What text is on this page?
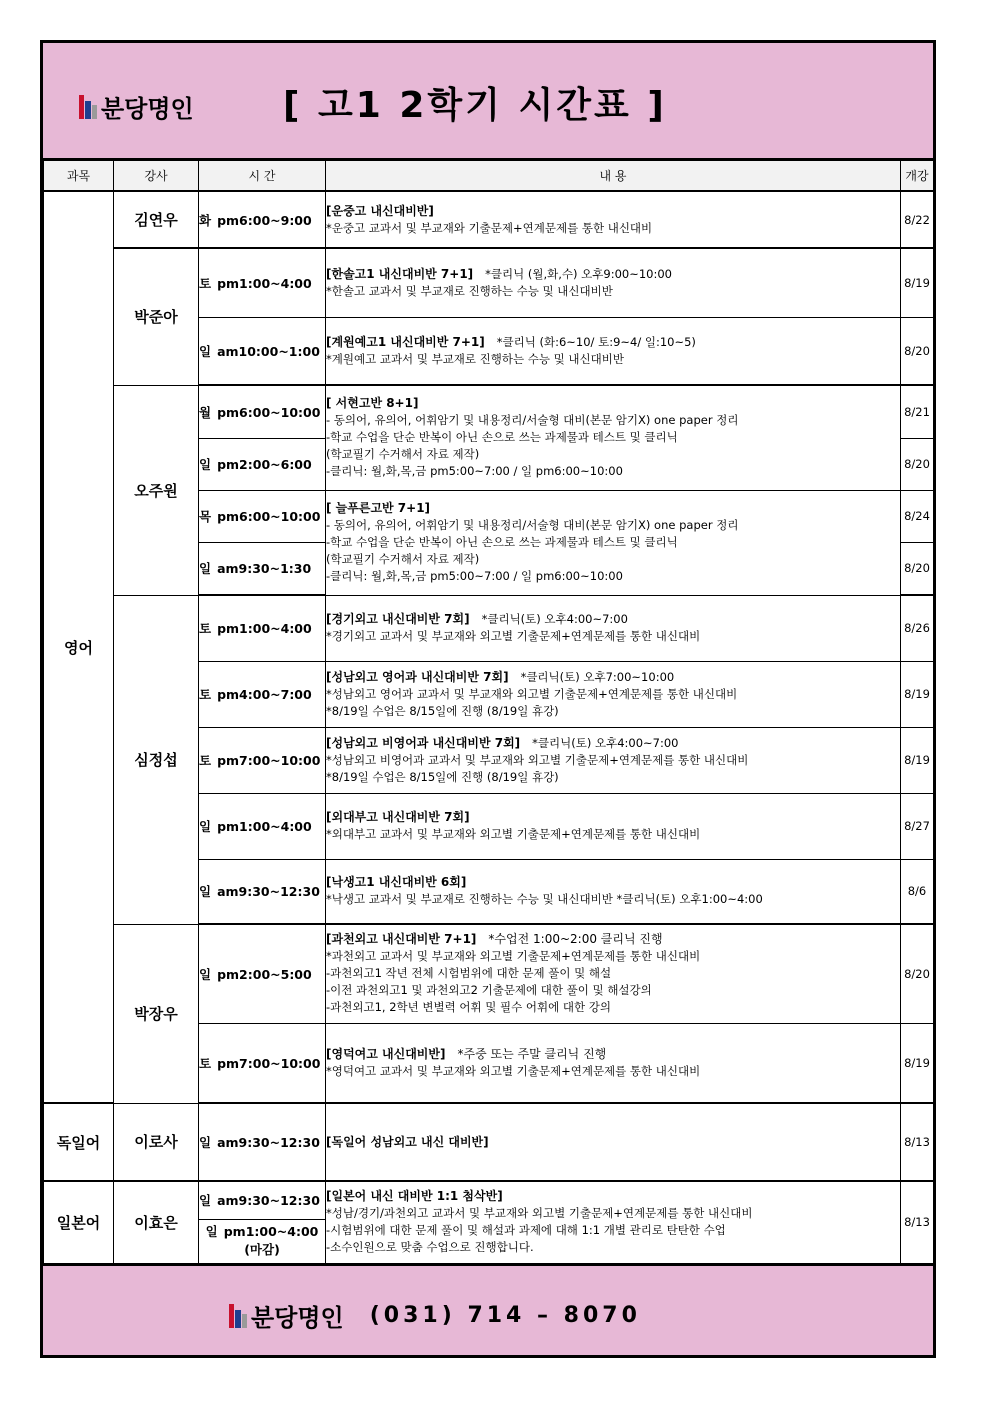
분당명인 [ 고1 2학기 시간표 ]
과목	강사	시 간	내 용	개강
영어	김연우	화 pm6:00~9:00	[운중고 내신대비반]
*운중고 교과서 및 부교재와 기출문제+연계문제를 통한 내신대비	8/22
	박준아	토 pm1:00~4:00	[한솔고1 내신대비반 7+1] *클리닉 (월,화,수) 오후9:00~10:00
*한솔고 교과서 및 부교재로 진행하는 수능 및 내신대비반	8/19
		일 am10:00~1:00	[계원예고1 내신대비반 7+1] *클리닉 (화:6~10/ 토:9~4/ 일:10~5)
*계원예고 교과서 및 부교재로 진행하는 수능 및 내신대비반	8/20
	오주원	월 pm6:00~10:00	[ 서현고반 8+1]
- 동의어, 유의어, 어휘암기 및 내용정리/서술형 대비(본문 암기X) one paper 정리
-학교 수업을 단순 반복이 아닌 손으로 쓰는 과제물과 테스트 및 클리닉
(학교필기 수거해서 자료 제작)
-클리닉: 월,화,목,금 pm5:00~7:00 / 일 pm6:00~10:00	8/21
		일 pm2:00~6:00		8/20
		목 pm6:00~10:00	[ 늘푸른고반 7+1]
- 동의어, 유의어, 어휘암기 및 내용정리/서술형 대비(본문 암기X) one paper 정리
-학교 수업을 단순 반복이 아닌 손으로 쓰는 과제물과 테스트 및 클리닉
(학교필기 수거해서 자료 제작)
-클리닉: 월,화,목,금 pm5:00~7:00 / 일 pm6:00~10:00	8/24
		일 am9:30~1:30		8/20
	심정섭	토 pm1:00~4:00	[경기외고 내신대비반 7회] *클리닉(토) 오후4:00~7:00
*경기외고 교과서 및 부교재와 외고별 기출문제+연계문제를 통한 내신대비	8/26
		토 pm4:00~7:00	[성남외고 영어과 내신대비반 7회] *클리닉(토) 오후7:00~10:00
*성남외고 영어과 교과서 및 부교재와 외고별 기출문제+연계문제를 통한 내신대비
*8/19일 수업은 8/15일에 진행 (8/19일 휴강)	8/19
		토 pm7:00~10:00	[성남외고 비영어과 내신대비반 7회] *클리닉(토) 오후4:00~7:00
*성남외고 비영어과 교과서 및 부교재와 외고별 기출문제+연계문제를 통한 내신대비
*8/19일 수업은 8/15일에 진행 (8/19일 휴강)	8/19
		일 pm1:00~4:00	[외대부고 내신대비반 7회]
*외대부고 교과서 및 부교재와 외고별 기출문제+연계문제를 통한 내신대비	8/27
		일 am9:30~12:30	[낙생고1 내신대비반 6회]
*낙생고 교과서 및 부교재로 진행하는 수능 및 내신대비반 *클리닉(토) 오후1:00~4:00	8/6
	박장우	일 pm2:00~5:00	[과천외고 내신대비반 7+1] *수업전 1:00~2:00 클리닉 진행
*과천외고 교과서 및 부교재와 외고별 기출문제+연계문제를 통한 내신대비
-과천외고1 작년 전체 시험범위에 대한 문제 풀이 및 해설
-이전 과천외고1 및 과천외고2 기출문제에 대한 풀이 및 해설강의
-과천외고1, 2학년 변별력 어휘 및 필수 어휘에 대한 강의	8/20
		토 pm7:00~10:00	[영덕여고 내신대비반] *주중 또는 주말 클리닉 진행
*영덕여고 교과서 및 부교재와 외고별 기출문제+연계문제를 통한 내신대비	8/19
독일어	이로사	일 am9:30~12:30	[독일어 성남외고 내신 대비반]	8/13
일본어	이효은	일 am9:30~12:30	[일본어 내신 대비반 1:1 첨삭반]
*성남/경기/과천외고 교과서 및 부교재와 외고별 기출문제+연계문제를 통한 내신대비
-시험범위에 대한 문제 풀이 및 해설과 과제에 대해 1:1 개별 관리로 탄탄한 수업
-소수인원으로 맞춤 수업으로 진행합니다.	8/13
		일 pm1:00~4:00
(마감)		
분당명인 (031) 714 – 8070
